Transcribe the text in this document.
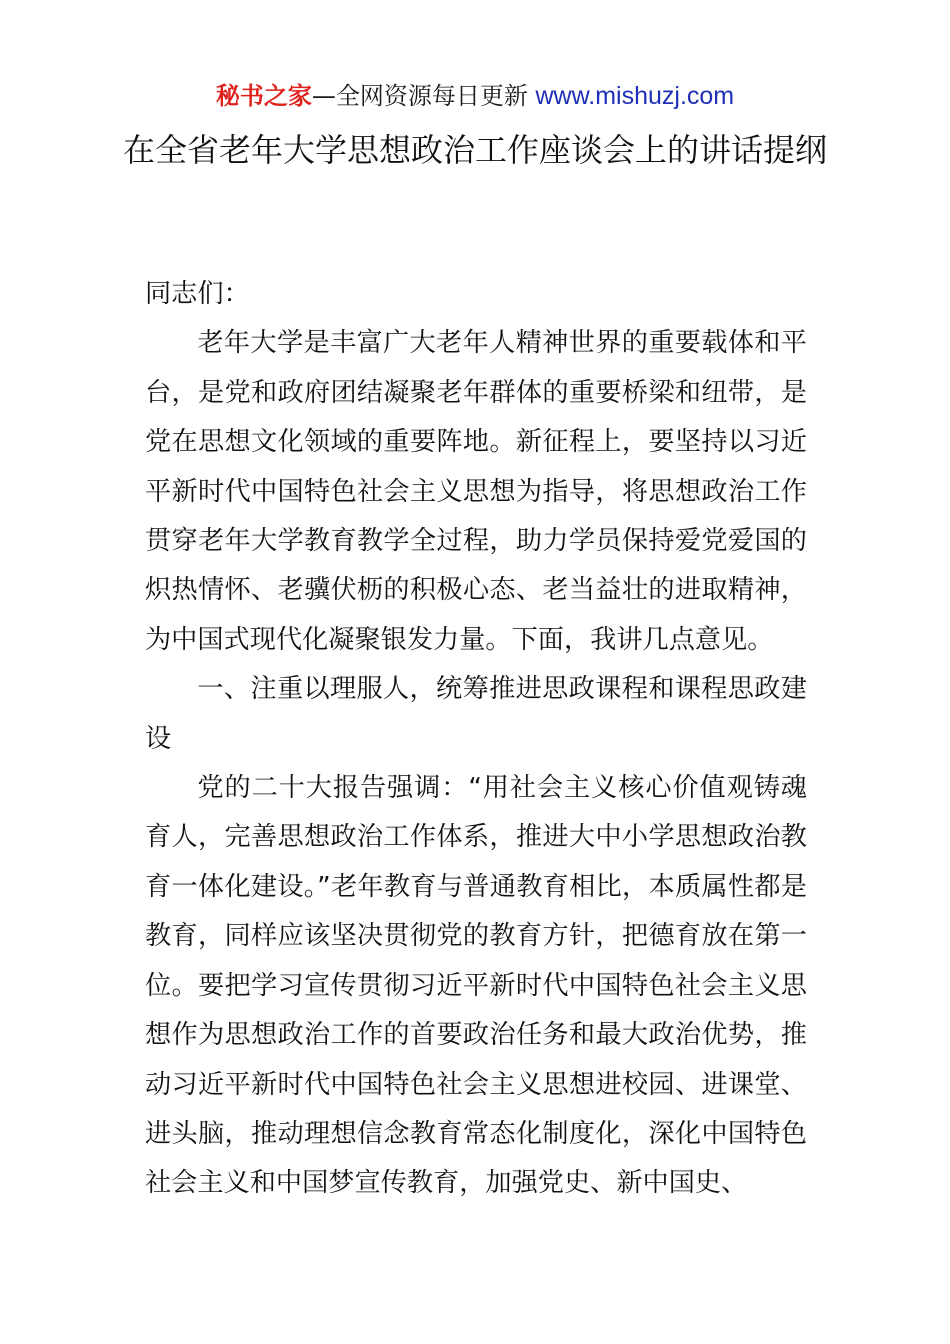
秘书之家—全网资源每日更新 www.mishuzj.com
在全省老年大学思想政治工作座谈会上的讲话提纲

同志们：

老年大学是丰富广大老年人精神世界的重要载体和平台，是党和政府团结凝聚老年群体的重要桥梁和纽带，是党在思想文化领域的重要阵地。新征程上，要坚持以习近平新时代中国特色社会主义思想为指导，将思想政治工作贯穿老年大学教育教学全过程，助力学员保持爱党爱国的炽热情怀、老骥伏枥的积极心态、老当益壮的进取精神，为中国式现代化凝聚银发力量。下面，我讲几点意见。

一、注重以理服人，统筹推进思政课程和课程思政建设

党的二十大报告强调：“用社会主义核心价值观铸魂育人，完善思想政治工作体系，推进大中小学思想政治教育一体化建设。”老年教育与普通教育相比，本质属性都是教育，同样应该坚决贯彻党的教育方针，把德育放在第一位。要把学习宣传贯彻习近平新时代中国特色社会主义思想作为思想政治工作的首要政治任务和最大政治优势，推动习近平新时代中国特色社会主义思想进校园、进课堂、进头脑，推动理想信念教育常态化制度化，深化中国特色社会主义和中国梦宣传教育，加强党史、新中国史、
